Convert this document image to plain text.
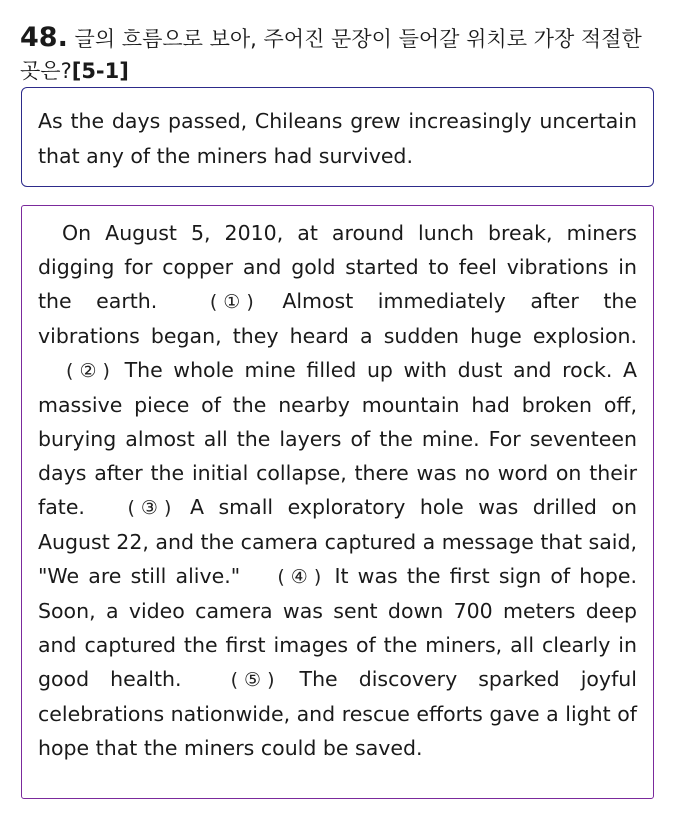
48. 글의 흐름으로 보아, 주어진 문장이 들어갈 위치로 가장 적절한 곳은?[5-1]
As the days passed, Chileans grew increasingly uncertain that any of the miners had survived.

On August 5, 2010, at around lunch break, miners digging for copper and gold started to feel vibrations in the earth.	( ① ) Almost immediately after the vibrations began, they heard a sudden huge explosion. ( ② ) The whole mine filled up with dust and rock. A massive piece of the nearby mountain had broken off, burying almost all the layers of the mine. For seventeen days after the initial collapse, there was no word on their fate. ( ③ ) A small exploratory hole was drilled on August 22, and the camera captured a message that said, "We are still alive." ( ④ ) It was the first sign of hope. Soon, a video camera was sent down 700 meters deep and captured the first images of the miners, all clearly in good health.	( ⑤ ) The discovery sparked joyful celebrations nationwide, and rescue efforts gave a light of hope that the miners could be saved.
